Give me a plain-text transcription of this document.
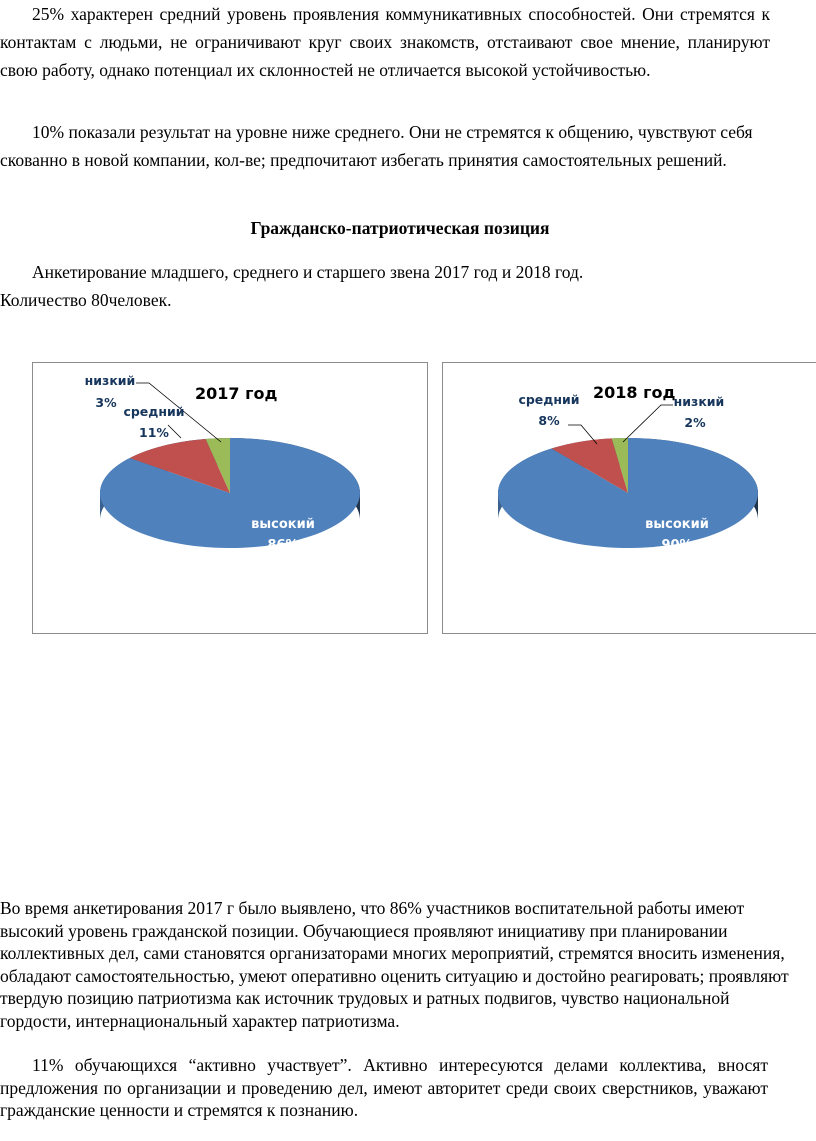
25% характерен средний уровень проявления коммуникативных способностей. Они стремятся к контактам с людьми, не ограничивают круг своих знакомств, отстаивают свое мнение, планируют свою работу, однако потенциал их склонностей не отличается высокой устойчивостью.

10% показали результат на уровне ниже среднего. Они не стремятся к общению, чувствуют себя скованно в новой компании, кол-ве; предпочитают избегать принятия самостоятельных решений.

Гражданско-патриотическая позиция

Анкетирование младшего, среднего и старшего звена 2017 год и 2018 год.

Количество 80человек.

2017 год
низкий
3%
средний
11%
высокий
86%
2018 год
средний
8%
низкий
2%
высокий
90%

Во время анкетирования 2017 г было выявлено, что 86% участников воспитательной работы имеют высокий уровень гражданской позиции. Обучающиеся проявляют инициативу при планировании коллективных дел, сами становятся организаторами многих мероприятий, стремятся вносить изменения, обладают самостоятельностью, умеют оперативно оценить ситуацию и достойно реагировать; проявляют твердую позицию патриотизма как источник трудовых и ратных подвигов, чувство национальной гордости, интернациональный характер патриотизма.

11% обучающихся “активно участвует”. Активно интересуются делами коллектива, вносят предложения по организации и проведению дел, имеют авторитет среди своих сверстников, уважают гражданские ценности и стремятся к познанию.
